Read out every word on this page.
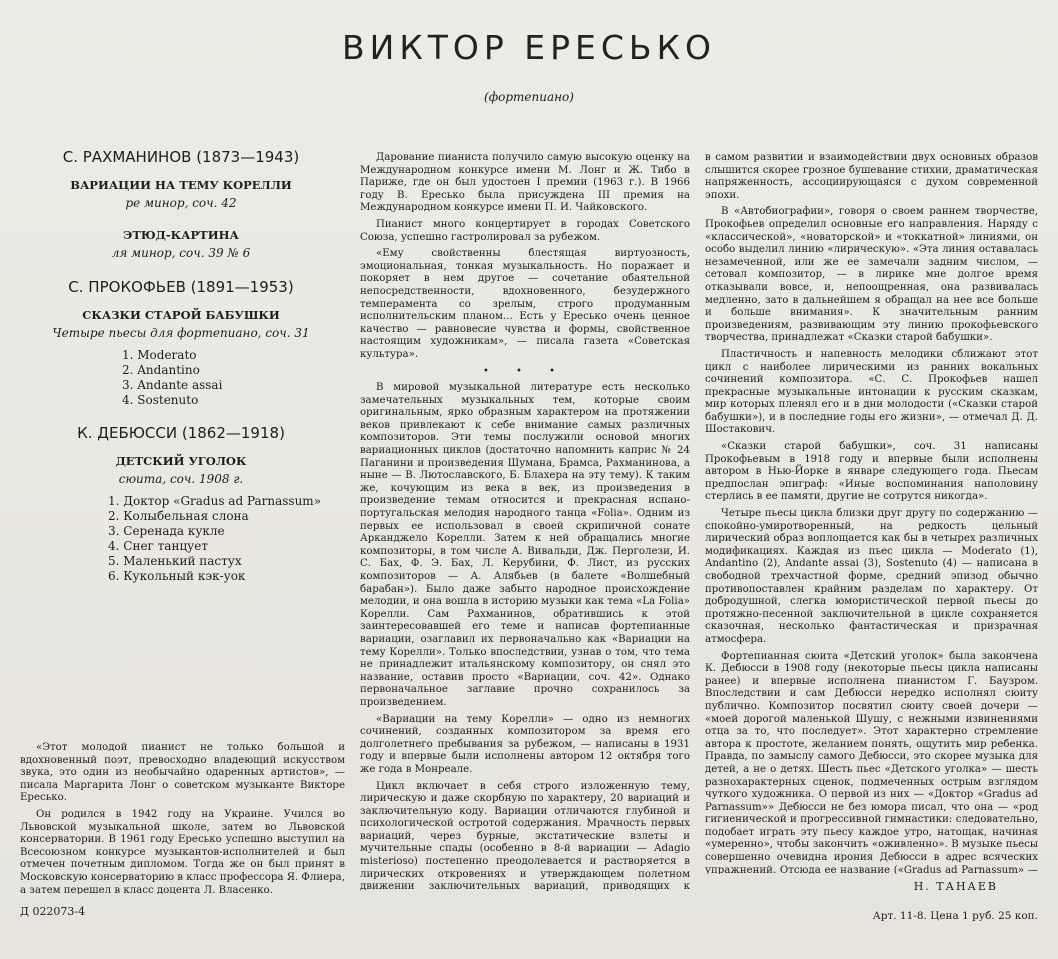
ВИКТОР ЕРЕСЬКО
(фортепиано)
С. РАХМАНИНОВ (1873—1943)
ВАРИАЦИИ НА ТЕМУ КОРЕЛЛИ
ре минор, соч. 42
ЭТЮД-КАРТИНА
ля минор, соч. 39 № 6
С. ПРОКОФЬЕВ (1891—1953)
СКАЗКИ СТАРОЙ БАБУШКИ
Четыре пьесы для фортепиано, соч. 31
1. Moderato
2. Andantino
3. Andante assai
4. Sostenuto
К. ДЕБЮССИ (1862—1918)
ДЕТСКИЙ УГОЛОК
сюита, соч. 1908 г.
1. Доктор «Gradus ad Parnassum»
2. Колыбельная слона
3. Серенада кукле
4. Снег танцует
5. Маленький пастух
6. Кукольный кэк-уок

«Этот молодой пианист не только большой и вдохновенный поэт, превосходно владеющий искусством звука, это один из необычайно одаренных артистов», — писала Маргарита Лонг о советском музыканте Викторе Ересько.

Он родился в 1942 году на Украине. Учился во Львовской музыкальной школе, затем во Львовской консерватории. В 1961 году Ересько успешно выступил на Всесоюзном конкурсе музыкантов-исполнителей и был отмечен почетным дипломом. Тогда же он был принят в Московскую консерваторию в класс профессора Я. Флиера, а затем перешел в класс доцента Л. Власенко.

Дарование пианиста получило самую высокую оценку на Международном конкурсе имени М. Лонг и Ж. Тибо в Париже, где он был удостоен I премии (1963 г.). В 1966 году В. Ересько была присуждена III премия на Международном конкурсе имени П. И. Чайковского.

Пианист много концертирует в городах Советского Союза, успешно гастролировал за рубежом.

«Ему свойственны блестящая виртуозность, эмоциональная, тонкая музыкальность. Но поражает и покоряет в нем другое — сочетание обаятельной непосредственности, вдохновенного, безудержного темперамента со зрелым, строго продуманным исполнительским планом... Есть у Ересько очень ценное качество — равновесие чувства и формы, свойственное настоящим художникам», — писала газета «Советская культура».

• • •

В мировой музыкальной литературе есть несколько замечательных музыкальных тем, которые своим оригинальным, ярко образным характером на протяжении веков привлекают к себе внимание самых различных композиторов. Эти темы послужили основой многих вариационных циклов (достаточно напомнить каприс № 24 Паганини и произведения Шумана, Брамса, Рахманинова, а ныне — В. Лютославского, Б. Блахера на эту тему). К таким же, кочующим из века в век, из произведения в произведение темам относится и прекрасная испано-португальская мелодия народного танца «Folia». Одним из первых ее использовал в своей скрипичной сонате Арканджело Корелли. Затем к ней обращались многие композиторы, в том числе А. Вивальди, Дж. Перголези, И. С. Бах, Ф. Э. Бах, Л. Керубини, Ф. Лист, из русских композиторов — А. Алябьев (в балете «Волшебный барабан»). Было даже забыто народное происхождение мелодии, и она вошла в историю музыки как тема «La Folia» Корелли. Сам Рахманинов, обратившись к этой заинтересовавшей его теме и написав фортепианные вариации, озаглавил их первоначально как «Вариации на тему Корелли». Только впоследствии, узнав о том, что тема не принадлежит итальянскому композитору, он снял это название, оставив просто «Вариации, соч. 42». Однако первоначальное заглавие прочно сохранилось за произведением.

«Вариации на тему Корелли» — одно из немногих сочинений, созданных композитором за время его долголетнего пребывания за рубежом, — написаны в 1931 году и впервые были исполнены автором 12 октября того же года в Монреале.

Цикл включает в себя строго изложенную тему, лирическую и даже скорбную по характеру, 20 вариаций и заключительную коду. Вариации отличаются глубиной и психологической остротой содержания. Мрачность первых вариаций, через бурные, экстатические взлеты и мучительные спады (особенно в 8-й вариации — Adagio misterioso) постепенно преодолевается и растворяется в лирических откровениях и утверждающем полетном движении заключительных вариаций, приводящих к

в самом развитии и взаимодействии двух основных образов слышится скорее грозное бушевание стихии, драматическая напряженность, ассоциирующаяся с духом современной эпохи.

В «Автобиографии», говоря о своем раннем творчестве, Прокофьев определил основные его направления. Наряду с «классической», «новаторской» и «токкатной» линиями, он особо выделил линию «лирическую». «Эта линия оставалась незамеченной, или же ее замечали задним числом, — сетовал композитор, — в лирике мне долгое время отказывали вовсе, и, непоощренная, она развивалась медленно, зато в дальнейшем я обращал на нее все больше и больше внимания». К значительным ранним произведениям, развивающим эту линию прокофьевского творчества, принадлежат «Сказки старой бабушки».

Пластичность и напевность мелодики сближают этот цикл с наиболее лирическими из ранних вокальных сочинений композитора. «С. С. Прокофьев нашел прекрасные музыкальные интонации к русским сказкам, мир которых пленял его и в дни молодости («Сказки старой бабушки»), и в последние годы его жизни», — отмечал Д. Д. Шостакович.

«Сказки старой бабушки», соч. 31 написаны Прокофьевым в 1918 году и впервые были исполнены автором в Нью-Йорке в январе следующего года. Пьесам предпослан эпиграф: «Иные воспоминания наполовину стерлись в ее памяти, другие не сотрутся никогда».

Четыре пьесы цикла близки друг другу по содержанию — спокойно-умиротворенный, на редкость цельный лирический образ воплощается как бы в четырех различных модификациях. Каждая из пьес цикла — Moderato (1), Andantino (2), Andante assai (3), Sostenuto (4) — написана в свободной трехчастной форме, средний эпизод обычно противопоставлен крайним разделам по характеру. От добродушной, слегка юмористической первой пьесы до протяжно-песенной заключительной в цикле сохраняется сказочная, несколько фантастическая и призрачная атмосфера.

Фортепианная сюита «Детский уголок» была закончена К. Дебюсси в 1908 году (некоторые пьесы цикла написаны ранее) и впервые исполнена пианистом Г. Баузром. Впоследствии и сам Дебюсси нередко исполнял сюиту публично. Композитор посвятил сюиту своей дочери — «моей дорогой маленькой Шушу, с нежными извинениями отца за то, что последует». Этот характерно стремление автора к простоте, желанием понять, ощутить мир ребенка. Правда, по замыслу самого Дебюсси, это скорее музыка для детей, а не о детях. Шесть пьес «Детского уголка» — шесть разнохарактерных сценок, подмеченных острым взглядом чуткого художника. О первой из них — «Доктор «Gradus ad Parnassum»» Дебюсси не без юмора писал, что она — «род гигиенической и прогрессивной гимнастики: следовательно, подобает играть эту пьесу каждое утро, натощак, начиная «умеренно», чтобы закончить «оживленно». В музыке пьесы совершенно очевидна ирония Дебюсси в адрес всяческих упражнений. Отсюда ее название («Gradus ad Parnassum» —

Н. ТАНАЕВ
Д 022073-4	Арт. 11-8. Цена 1 руб. 25 коп.
